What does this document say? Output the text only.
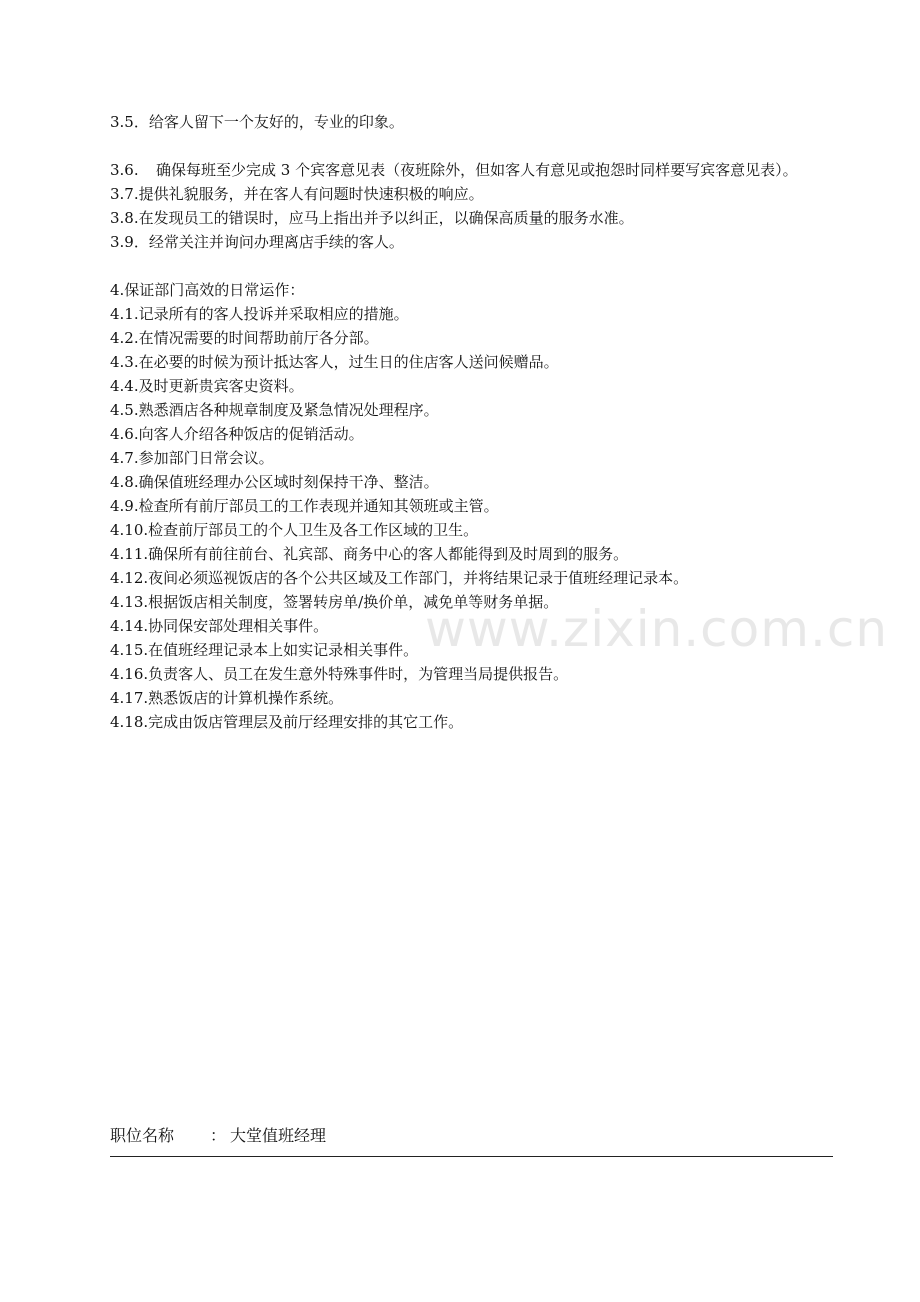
www.zixin.com.cn
3.5． 给客人留下一个友好的，专业的印象。
3.6.	确保每班至少完成 3 个宾客意见表（夜班除外，但如客人有意见或抱怨时同样要写宾客意见表）。
3.7. 提供礼貌服务，并在客人有问题时快速积极的响应。
3.8. 在发现员工的错误时，应马上指出并予以纠正，以确保高质量的服务水准。
3.9． 经常关注并询问办理离店手续的客人。
4.保证部门高效的日常运作：
4.1. 记录所有的客人投诉并采取相应的措施。
4.2. 在情况需要的时间帮助前厅各分部。
4.3. 在必要的时候为预计抵达客人，过生日的住店客人送问候赠品。
4.4. 及时更新贵宾客史资料。
4.5. 熟悉酒店各种规章制度及紧急情况处理程序。
4.6. 向客人介绍各种饭店的促销活动。
4.7. 参加部门日常会议。
4.8. 确保值班经理办公区域时刻保持干净、整洁。
4.9. 检查所有前厅部员工的工作表现并通知其领班或主管。
4.10. 检查前厅部员工的个人卫生及各工作区域的卫生。
4.11. 确保所有前往前台、礼宾部、商务中心的客人都能得到及时周到的服务。
4.12. 夜间必须巡视饭店的各个公共区域及工作部门，并将结果记录于值班经理记录本。
4.13. 根据饭店相关制度，签署转房单/换价单，减免单等财务单据。
4.14. 协同保安部处理相关事件。
4.15. 在值班经理记录本上如实记录相关事件。
4.16. 负责客人、员工在发生意外特殊事件时，为管理当局提供报告。
4.17. 熟悉饭店的计算机操作系统。
4.18. 完成由饭店管理层及前厅经理安排的其它工作。
职位名称 ： 大堂值班经理
